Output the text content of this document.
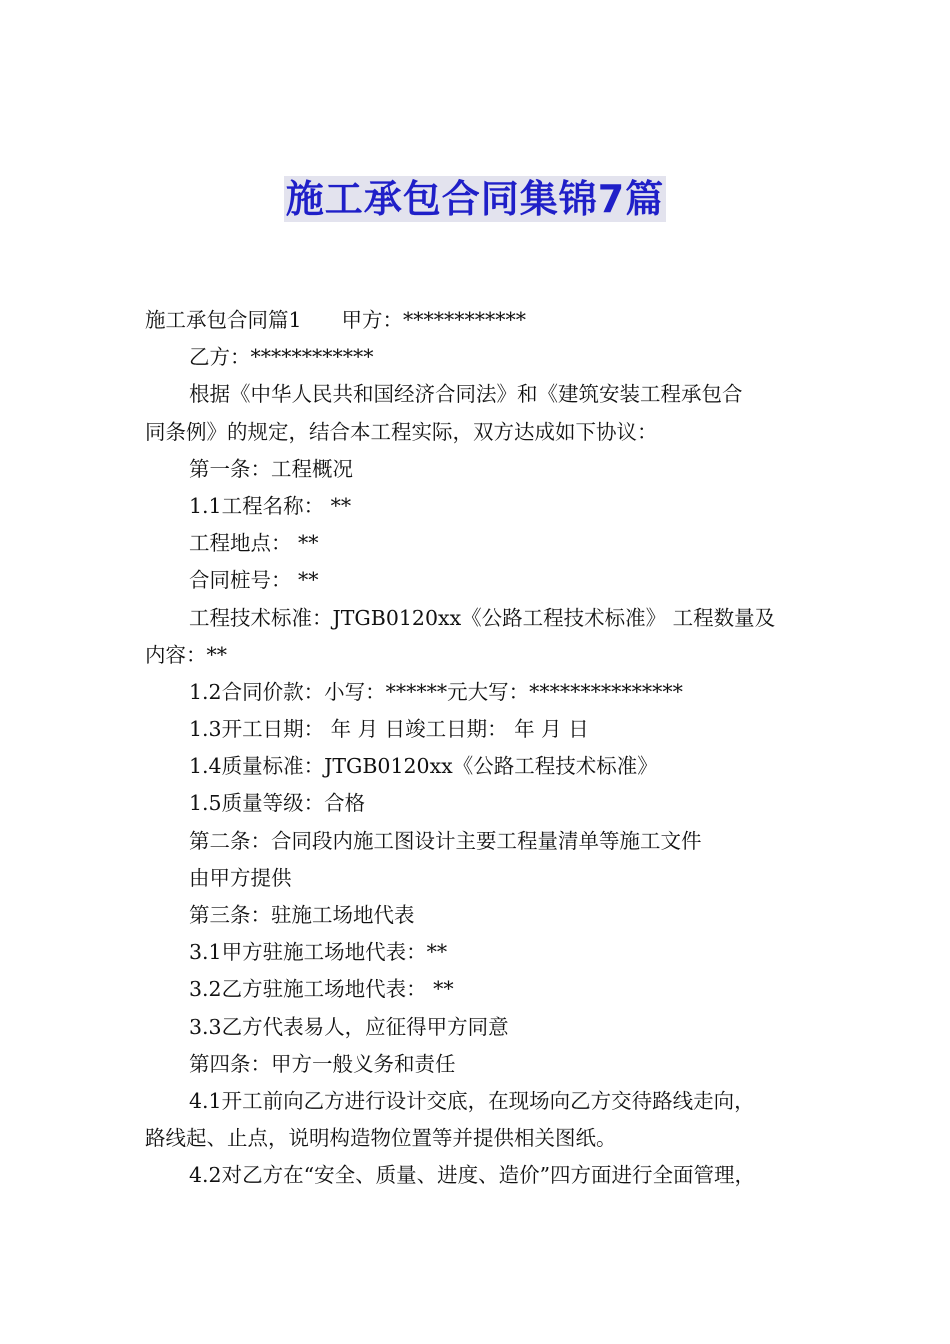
施工承包合同集锦7篇
施工承包合同篇1 甲方：************
乙方：************
根据《中华人民共和国经济合同法》和《建筑安装工程承包合
同条例》的规定，结合本工程实际，双方达成如下协议：
第一条：工程概况
1.1工程名称： **
工程地点： **
合同桩号： **
工程技术标准：JTGB0120xx《公路工程技术标准》 工程数量及
内容：**
1.2合同价款：小写：******元大写：***************
1.3开工日期： 年 月 日竣工日期： 年 月 日
1.4质量标准：JTGB0120xx《公路工程技术标准》
1.5质量等级：合格
第二条：合同段内施工图设计主要工程量清单等施工文件
由甲方提供
第三条：驻施工场地代表
3.1甲方驻施工场地代表：**
3.2乙方驻施工场地代表： **
3.3乙方代表易人，应征得甲方同意
第四条：甲方一般义务和责任
4.1开工前向乙方进行设计交底，在现场向乙方交待路线走向，
路线起、止点，说明构造物位置等并提供相关图纸。
4.2对乙方在“安全、质量、进度、造价”四方面进行全面管理，
